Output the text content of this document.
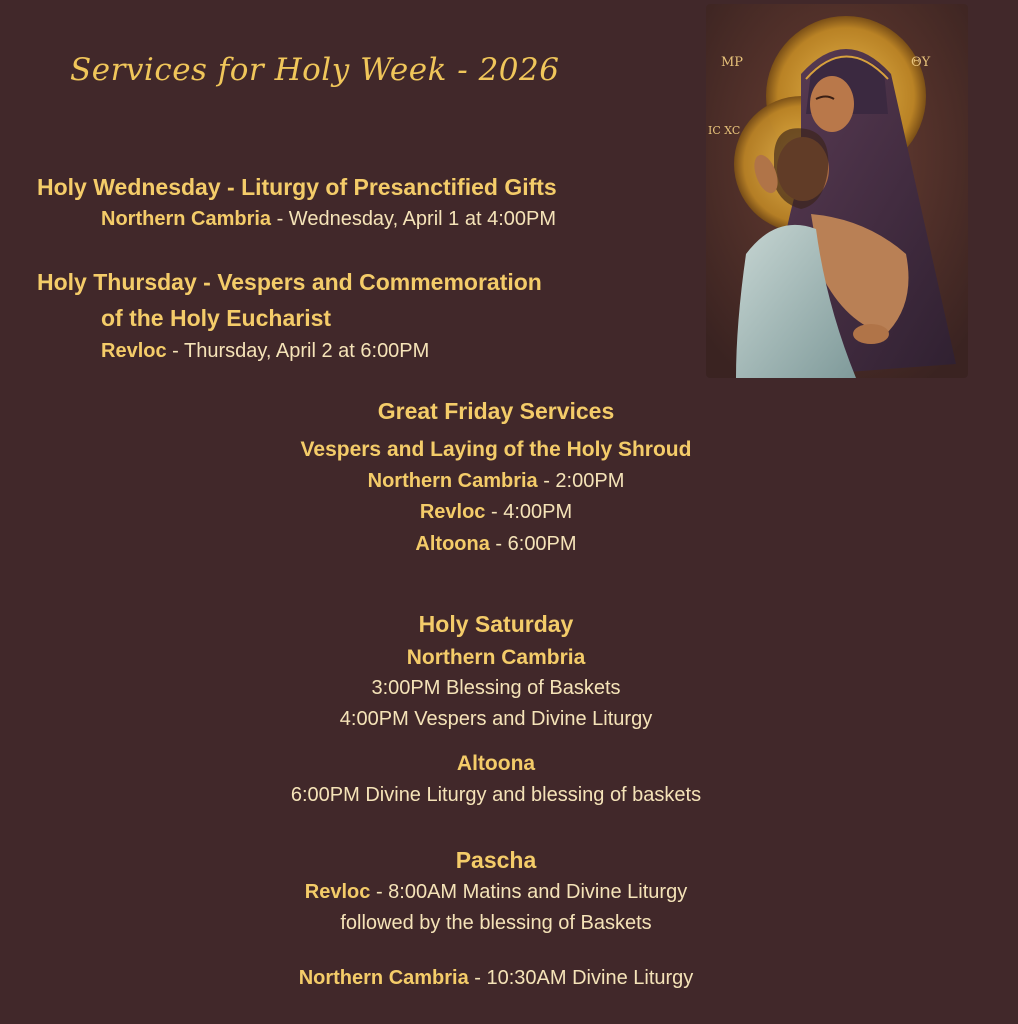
Services for Holy Week - 2026	MP	ΘΥ
ΙC XC
Holy Wednesday - Liturgy of Presanctified Gifts
Northern Cambria - Wednesday, April 1 at 4:00PM
Holy Thursday - Vespers and Commemoration
of the Holy Eucharist
Revloc - Thursday, April 2 at 6:00PM
Great Friday Services
Vespers and Laying of the Holy Shroud
Northern Cambria - 2:00PM
Revloc - 4:00PM
Altoona - 6:00PM
Holy Saturday
Northern Cambria
3:00PM Blessing of Baskets
4:00PM Vespers and Divine Liturgy
Altoona
6:00PM Divine Liturgy and blessing of baskets
Pascha
Revloc - 8:00AM Matins and Divine Liturgy
followed by the blessing of Baskets
Northern Cambria - 10:30AM Divine Liturgy
